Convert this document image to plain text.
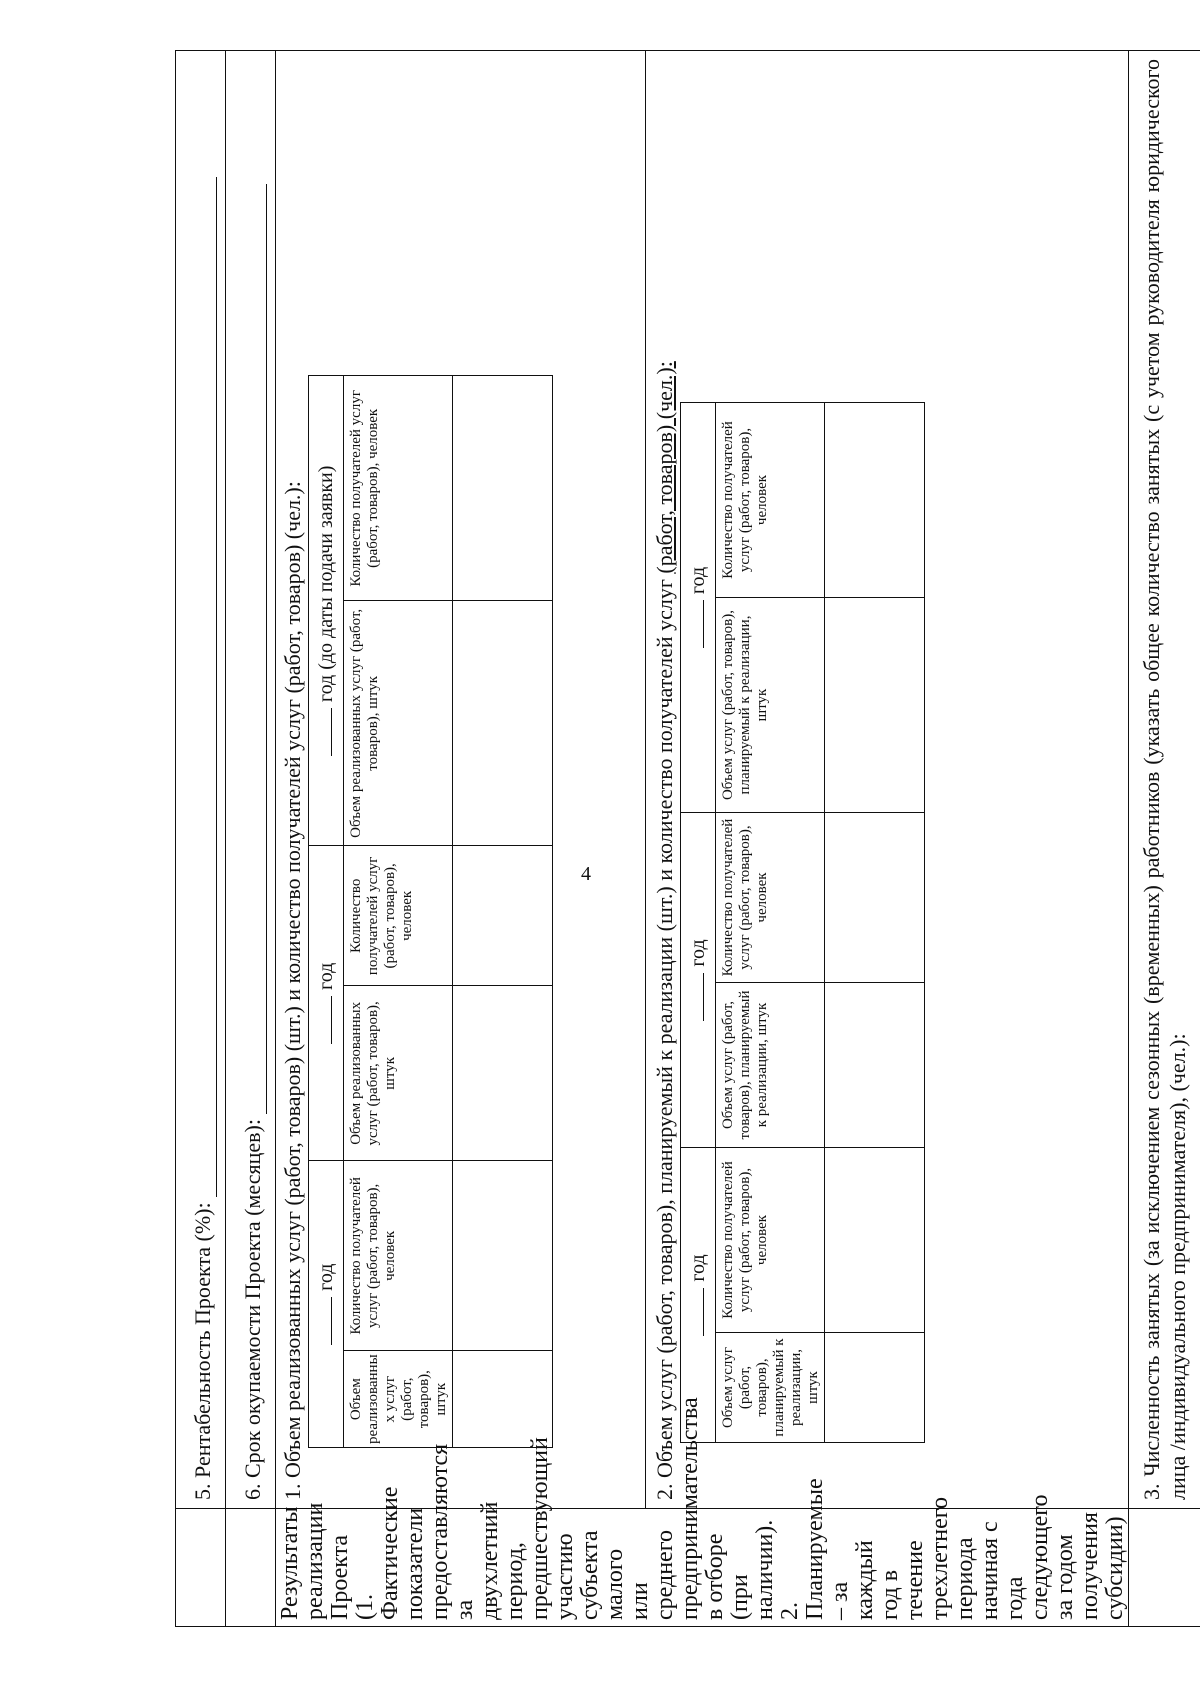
4

5. Рентабельность Проекта (%):

6. Срок окупаемости Проекта (месяцев):

Результаты реализации Проекта (1. Фактические показатели предоставляются за двухлетний период, предшествующий участию субъекта малого или среднего предпринимательства в отборе (при наличии). 2. Планируемые – за каждый год в течение трехлетнего периода начиная с года следующего за годом получения субсидии)

1. Объем реализованных услуг (работ, товаров) (шт.) и количество получателей услуг (работ, товаров) (чел.): год	год	год (до даты подачи заявки)
Объем реализованны х услуг (работ, товаров), штук	Количество получателей услуг (работ, товаров), человек	Объем реализованных услуг (работ, товаров), штук	Количество получателей услуг (работ, товаров), человек	Объем реализованных услуг (работ, товаров), штук	Количество получателей услуг (работ, товаров), человек

2. Объем услуг (работ, товаров), планируемый к реализации (шт.) и количество получателей услуг (работ, товаров) (чел.):
год	год	год
Объем услуг (работ, товаров), планируемый к реализации, штук	Количество получателей услуг (работ, товаров), человек	Объем услуг (работ, товаров), планируемый к реализации, штук	Количество получателей услуг (работ, товаров), человек	Объем услуг (работ, товаров), планируемый к реализации, штук	Количество получателей услуг (работ, товаров), человек

		3. Численность занятых (за исключением сезонных (временных) работников (указать общее количество занятых (с учетом руководителя юридического лица /индивидуального предпринимателя), (чел.):
